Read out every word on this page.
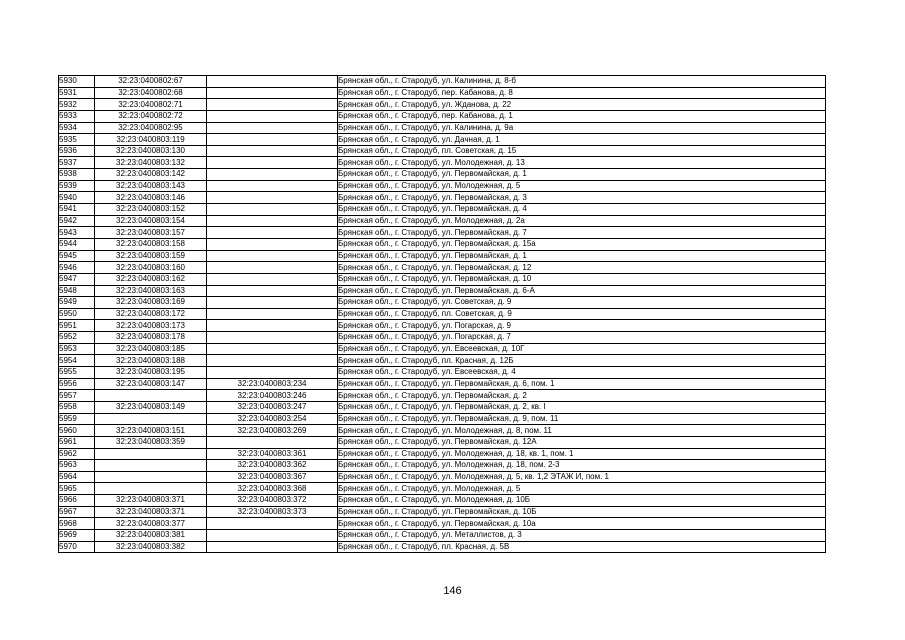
5930	32:23:0400802:67		Брянская обл., г. Стародуб, ул. Калинина, д. 8-б
5931	32:23:0400802:68		Брянская обл., г. Стародуб, пер. Кабанова, д. 8
5932	32:23:0400802:71		Брянская обл., г. Стародуб, ул. Жданова, д. 22
5933	32:23:0400802:72		Брянская обл., г. Стародуб, пер. Кабанова, д. 1
5934	32:23:0400802:95		Брянская обл., г. Стародуб, ул. Калинина, д. 9а
5935	32:23:0400803:119		Брянская обл., г. Стародуб, ул. Дачная, д. 1
5936	32:23:0400803:130		Брянская обл., г. Стародуб, пл. Советская, д. 15
5937	32:23:0400803:132		Брянская обл., г. Стародуб, ул. Молодежная, д. 13
5938	32:23:0400803:142		Брянская обл., г. Стародуб, ул. Первомайская, д. 1
5939	32:23:0400803:143		Брянская обл., г. Стародуб, ул. Молодежная, д. 5
5940	32:23:0400803:146		Брянская обл., г. Стародуб, ул. Первомайская, д. 3
5941	32:23:0400803:152		Брянская обл., г. Стародуб, ул. Первомайская, д. 4
5942	32:23:0400803:154		Брянская обл., г. Стародуб, ул. Молодежная, д. 2а
5943	32:23:0400803:157		Брянская обл., г. Стародуб, ул. Первомайская, д. 7
5944	32:23:0400803:158		Брянская обл., г. Стародуб, ул. Первомайская, д. 15а
5945	32:23:0400803:159		Брянская обл., г. Стародуб, ул. Первомайская, д. 1
5946	32:23:0400803:160		Брянская обл., г. Стародуб, ул. Первомайская, д. 12
5947	32:23:0400803:162		Брянская обл., г. Стародуб, ул. Первомайская, д. 10
5948	32:23:0400803:163		Брянская обл., г. Стародуб, ул. Первомайская, д. 6-А
5949	32:23:0400803:169		Брянская обл., г. Стародуб, ул. Советская, д. 9
5950	32:23:0400803:172		Брянская обл., г. Стародуб, пл. Советская, д. 9
5951	32:23:0400803:173		Брянская обл., г. Стародуб, ул. Погарская, д. 9
5952	32:23:0400803:178		Брянская обл., г. Стародуб, ул. Погарская, д. 7
5953	32:23:0400803:185		Брянская обл., г. Стародуб, ул. Евсеевская, д. 10Г
5954	32:23:0400803:188		Брянская обл., г. Стародуб, пл. Красная, д. 12Б
5955	32:23:0400803:195		Брянская обл., г. Стародуб, ул. Евсеевская, д. 4
5956	32:23:0400803:147	32:23:0400803:234	Брянская обл., г. Стародуб, ул. Первомайская, д. 6, пом. 1
5957		32:23:0400803:246	Брянская обл., г. Стародуб, ул. Первомайская, д. 2
5958	32:23:0400803:149	32:23:0400803:247	Брянская обл., г. Стародуб, ул. Первомайская, д. 2, кв. I
5959		32:23:0400803:254	Брянская обл., г. Стародуб, ул. Первомайская, д. 9, пом. 11
5960	32:23:0400803:151	32:23:0400803:269	Брянская обл., г. Стародуб, ул. Молодежная, д. 8, пом. 11
5961	32:23:0400803:359		Брянская обл., г. Стародуб, ул. Первомайская, д. 12А
5962		32:23:0400803:361	Брянская обл., г. Стародуб, ул. Молодежная, д. 18, кв. 1, пом. 1
5963		32:23:0400803:362	Брянская обл., г. Стародуб, ул. Молодежная, д. 18, пом. 2-3
5964		32:23:0400803:367	Брянская обл., г. Стародуб, ул. Молодежная, д. 5, кв. 1,2 ЭТАЖ И, пом. 1
5965		32:23:0400803:368	Брянская обл., г. Стародуб, ул. Молодежная, д. 5
5966	32:23:0400803:371	32:23:0400803:372	Брянская обл., г. Стародуб, ул. Молодежная, д. 10Б
5967	32:23:0400803:371	32:23:0400803:373	Брянская обл., г. Стародуб, ул. Первомайская, д. 10Б
5968	32:23:0400803:377		Брянская обл., г. Стародуб, ул. Первомайская, д. 10а
5969	32:23:0400803:381		Брянская обл., г. Стародуб, ул. Металлистов, д. 3
5970	32:23:0400803:382		Брянская обл., г. Стародуб, пл. Красная, д. 5В
146
